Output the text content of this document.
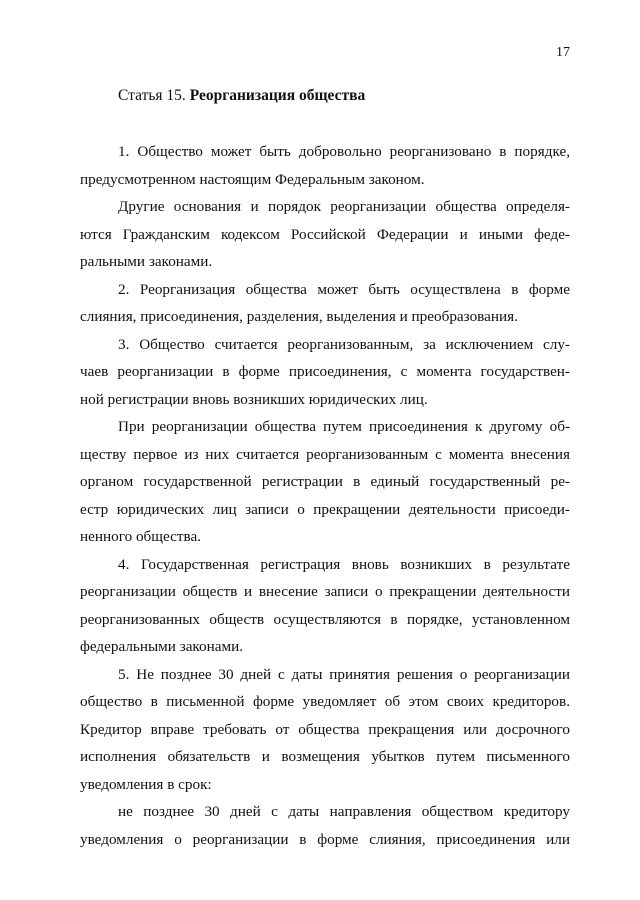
17
Статья 15. Реорганизация общества

1. Общество может быть добровольно реорганизовано в порядке,
предусмотренном настоящим Федеральным законом.

Другие основания и порядок реорганизации общества определя-
ются Гражданским кодексом Российской Федерации и иными феде-
ральными законами.

2. Реорганизация общества может быть осуществлена в форме
слияния, присоединения, разделения, выделения и преобразования.

3. Общество считается реорганизованным, за исключением слу-
чаев реорганизации в форме присоединения, с момента государствен-
ной регистрации вновь возникших юридических лиц.

При реорганизации общества путем присоединения к другому об-
ществу первое из них считается реорганизованным с момента внесения
органом государственной регистрации в единый государственный ре-
естр юридических лиц записи о прекращении деятельности присоеди-
ненного общества.

4. Государственная регистрация вновь возникших в результате
реорганизации обществ и внесение записи о прекращении деятельности
реорганизованных обществ осуществляются в порядке, установленном
федеральными законами.

5. Не позднее 30 дней с даты принятия решения о реорганизации
общество в письменной форме уведомляет об этом своих кредиторов.
Кредитор вправе требовать от общества прекращения или досрочного
исполнения обязательств и возмещения убытков путем письменного
уведомления в срок:

не позднее 30 дней с даты направления обществом кредитору
уведомления о реорганизации в форме слияния, присоединения или
